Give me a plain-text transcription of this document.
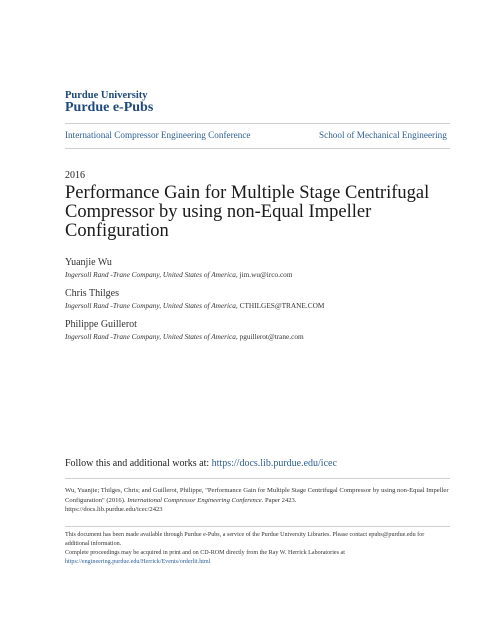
Purdue University
Purdue e-Pubs
International Compressor Engineering Conference	School of Mechanical Engineering
2016
Performance Gain for Multiple Stage Centrifugal
Compressor by using non-Equal Impeller
Configuration
Yuanjie Wu
Ingersoll Rand -Trane Company, United States of America, jim.wu@irco.com
Chris Thilges
Ingersoll Rand -Trane Company, United States of America, CTHILGES@TRANE.COM
Philippe Guillerot
Ingersoll Rand -Trane Company, United States of America, pguillerot@trane.com
Follow this and additional works at: https://docs.lib.purdue.edu/icec
Wu, Yuanjie; Thilges, Chris; and Guillerot, Philippe, "Performance Gain for Multiple Stage Centrifugal Compressor by using non-Equal Impeller Configuration" (2016). International Compressor Engineering Conference. Paper 2423.
https://docs.lib.purdue.edu/icec/2423
This document has been made available through Purdue e-Pubs, a service of the Purdue University Libraries. Please contact epubs@purdue.edu for additional information.
Complete proceedings may be acquired in print and on CD-ROM directly from the Ray W. Herrick Laboratories at https://engineering.purdue.edu/Herrick/Events/orderlit.html
